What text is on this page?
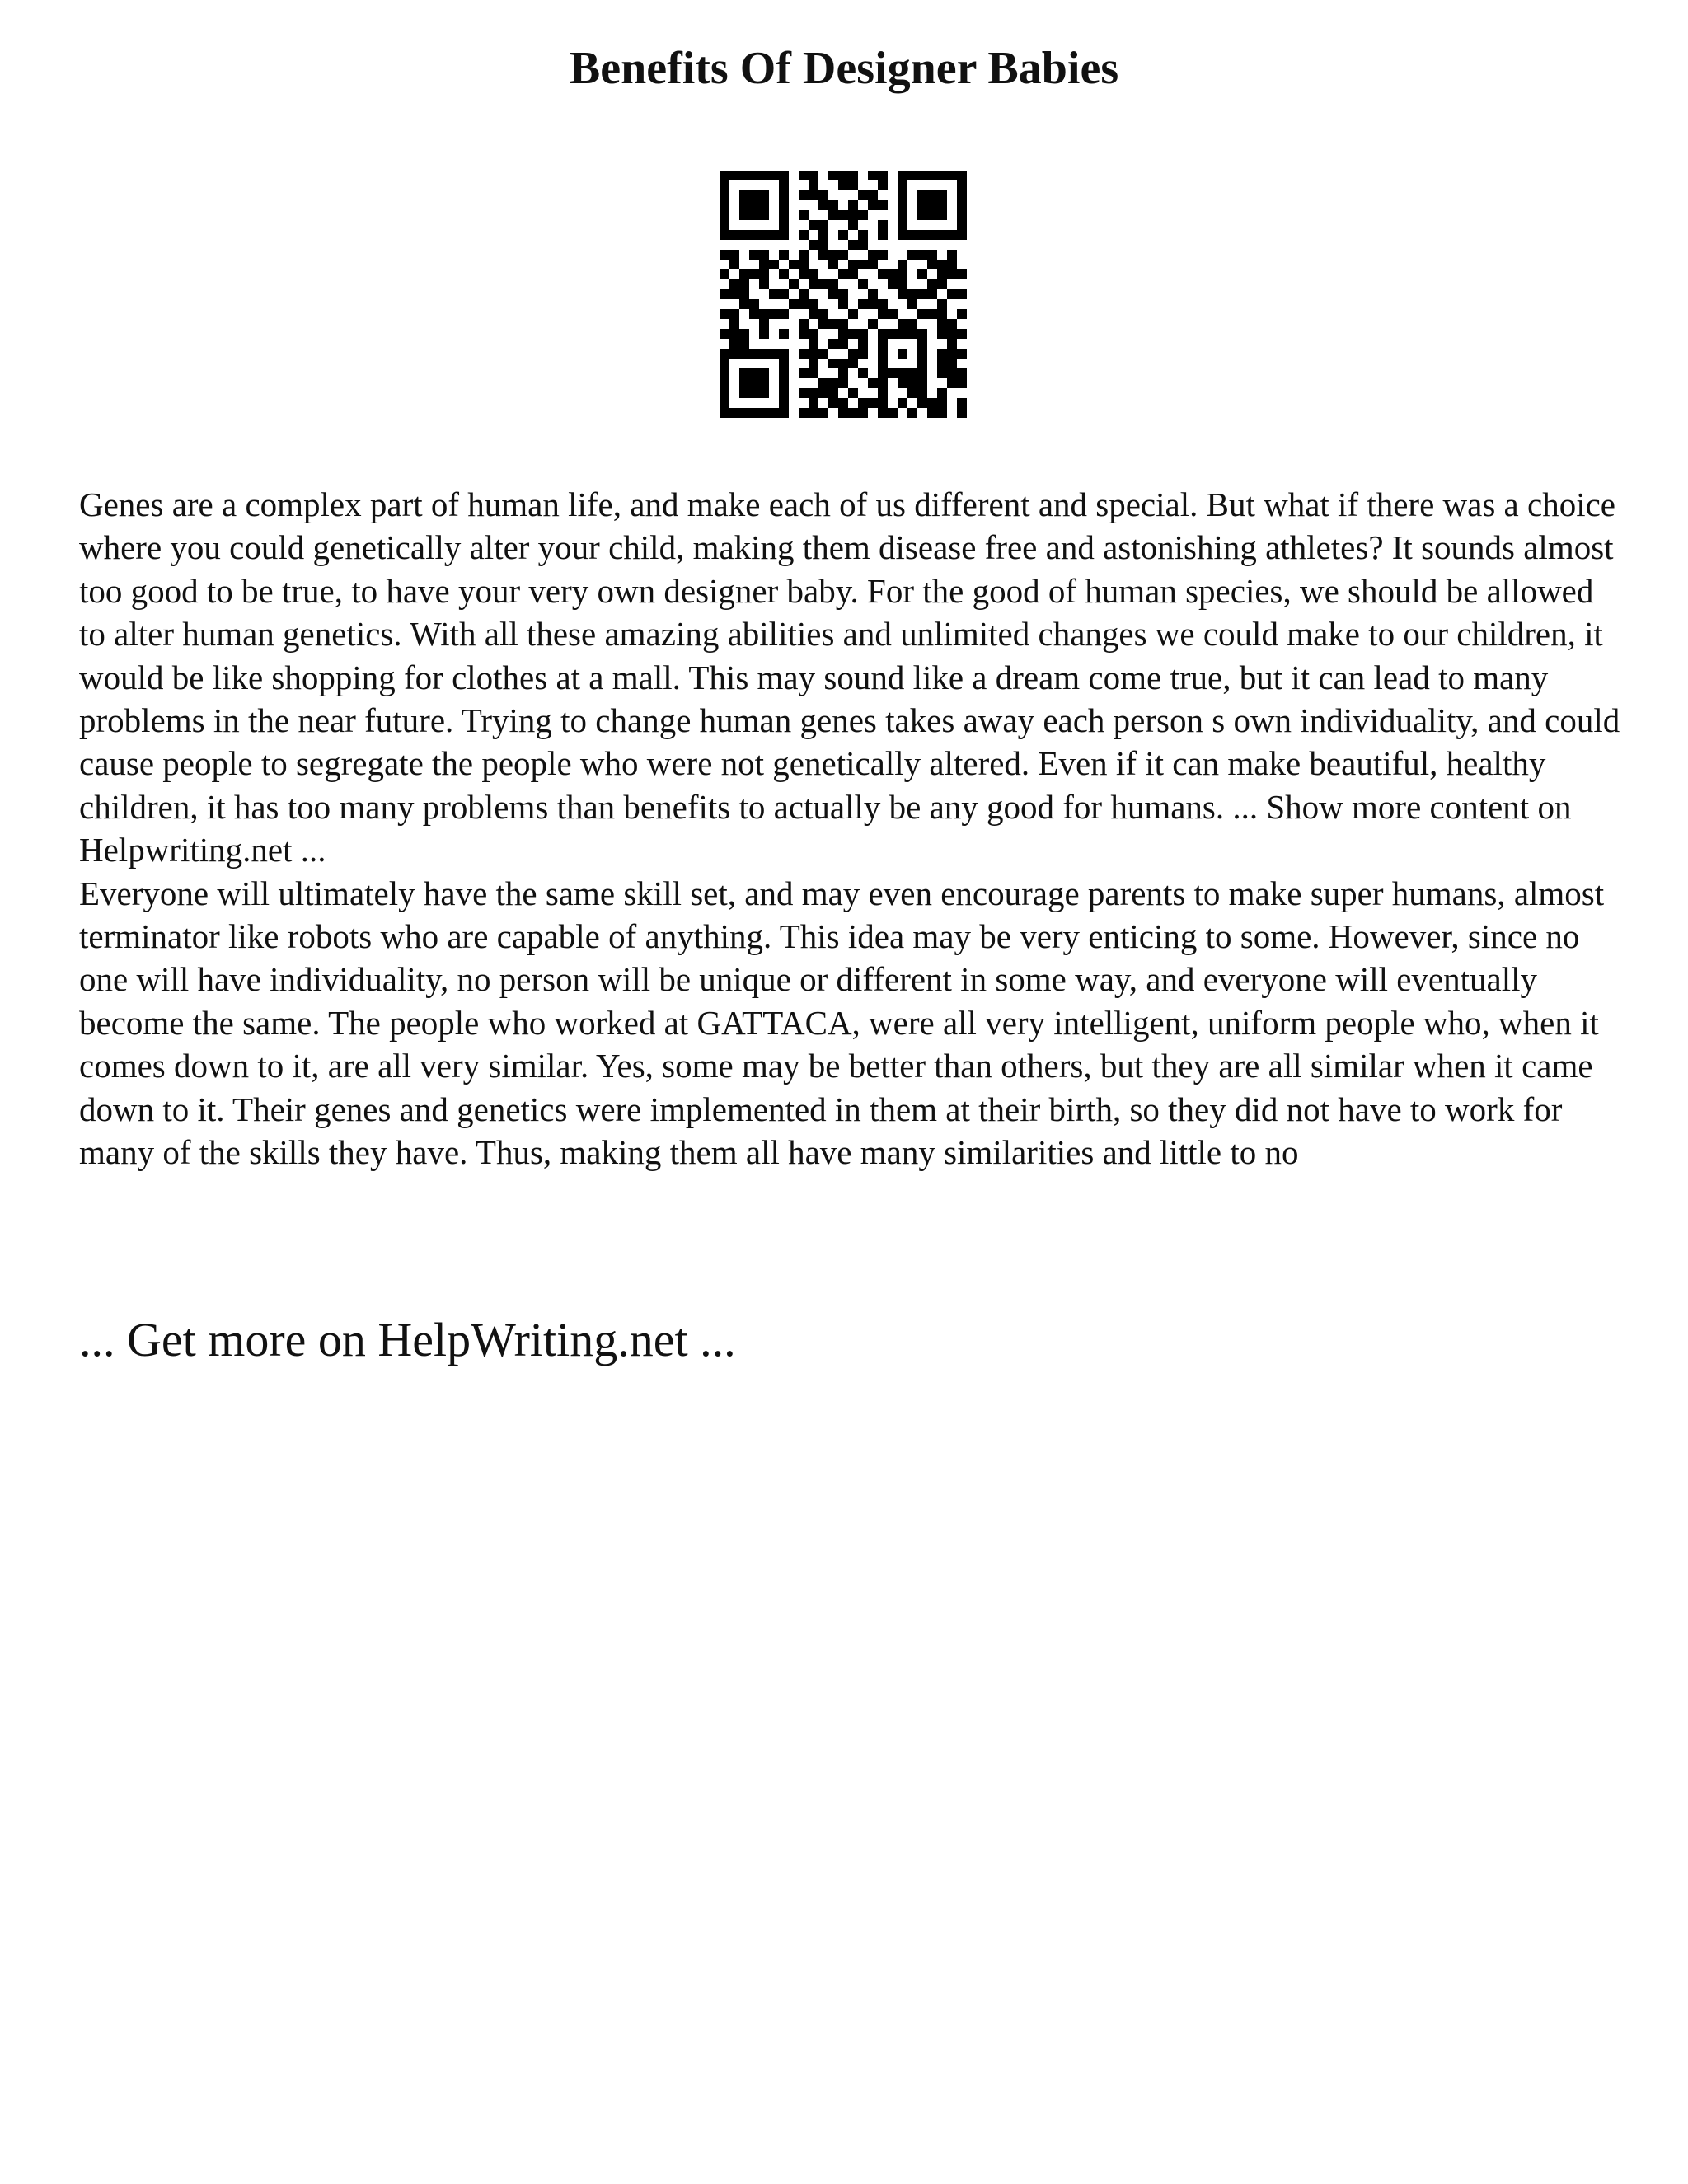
Benefits Of Designer Babies

Genes are a complex part of human life, and make each of us different and special. But what if there was a choice where you could genetically alter your child, making them disease free and astonishing athletes? It sounds almost too good to be true, to have your very own designer baby. For the good of human species, we should be allowed to alter human genetics. With all these amazing abilities and unlimited changes we could make to our children, it would be like shopping for clothes at a mall. This may sound like a dream come true, but it can lead to many problems in the near future. Trying to change human genes takes away each person s own individuality, and could cause people to segregate the people who were not genetically altered. Even if it can make beautiful, healthy children, it has too many problems than benefits to actually be any good for humans. ... Show more content on Helpwriting.net ...

Everyone will ultimately have the same skill set, and may even encourage parents to make super humans, almost terminator like robots who are capable of anything. This idea may be very enticing to some. However, since no one will have individuality, no person will be unique or different in some way, and everyone will eventually become the same. The people who worked at GATTACA, were all very intelligent, uniform people who, when it comes down to it, are all very similar. Yes, some may be better than others, but they are all similar when it came down to it. Their genes and genetics were implemented in them at their birth, so they did not have to work for many of the skills they have. Thus, making them all have many similarities and little to no

... Get more on HelpWriting.net ...
